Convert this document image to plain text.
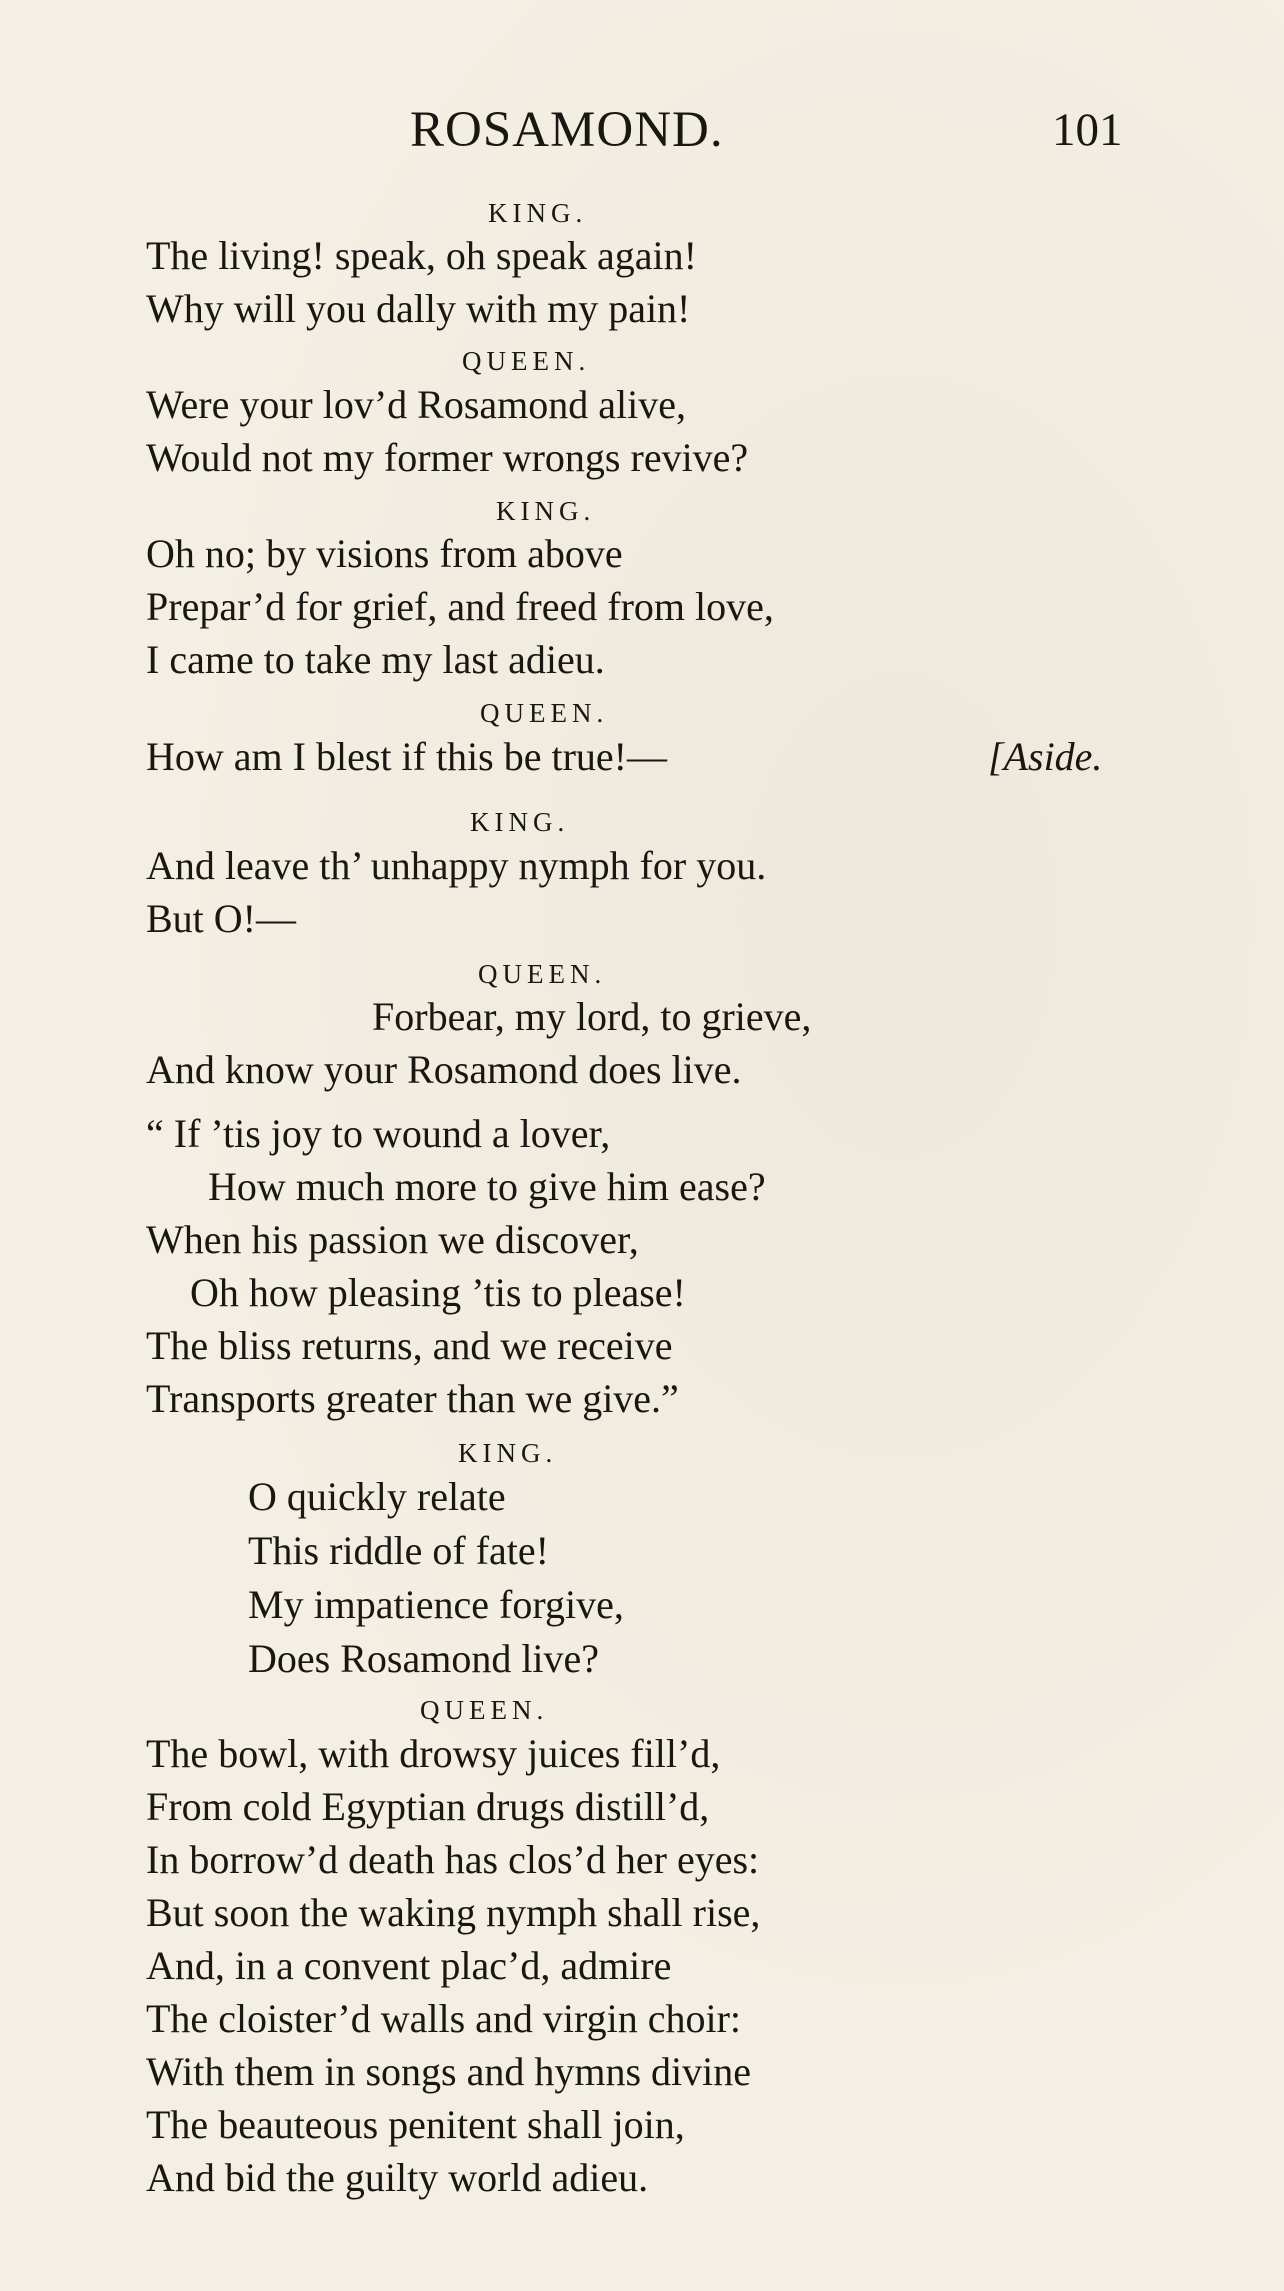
ROSAMOND.	101
KING.
The living! speak, oh speak again!
Why will you dally with my pain!
QUEEN.
Were your lov’d Rosamond alive,
Would not my former wrongs revive?
KING.
Oh no; by visions from above
Prepar’d for grief, and freed from love,
I came to take my last adieu.
QUEEN.
How am I blest if this be true!—	[Aside.
KING.
And leave th’ unhappy nymph for you.
But O!—
QUEEN.
Forbear, my lord, to grieve,
And know your Rosamond does live.
“ If ’tis joy to wound a lover,
How much more to give him ease?
When his passion we discover,
Oh how pleasing ’tis to please!
The bliss returns, and we receive
Transports greater than we give.”
KING.
O quickly relate
This riddle of fate!
My impatience forgive,
Does Rosamond live?
QUEEN.
The bowl, with drowsy juices fill’d,
From cold Egyptian drugs distill’d,
In borrow’d death has clos’d her eyes:
But soon the waking nymph shall rise,
And, in a convent plac’d, admire
The cloister’d walls and virgin choir:
With them in songs and hymns divine
The beauteous penitent shall join,
And bid the guilty world adieu.
